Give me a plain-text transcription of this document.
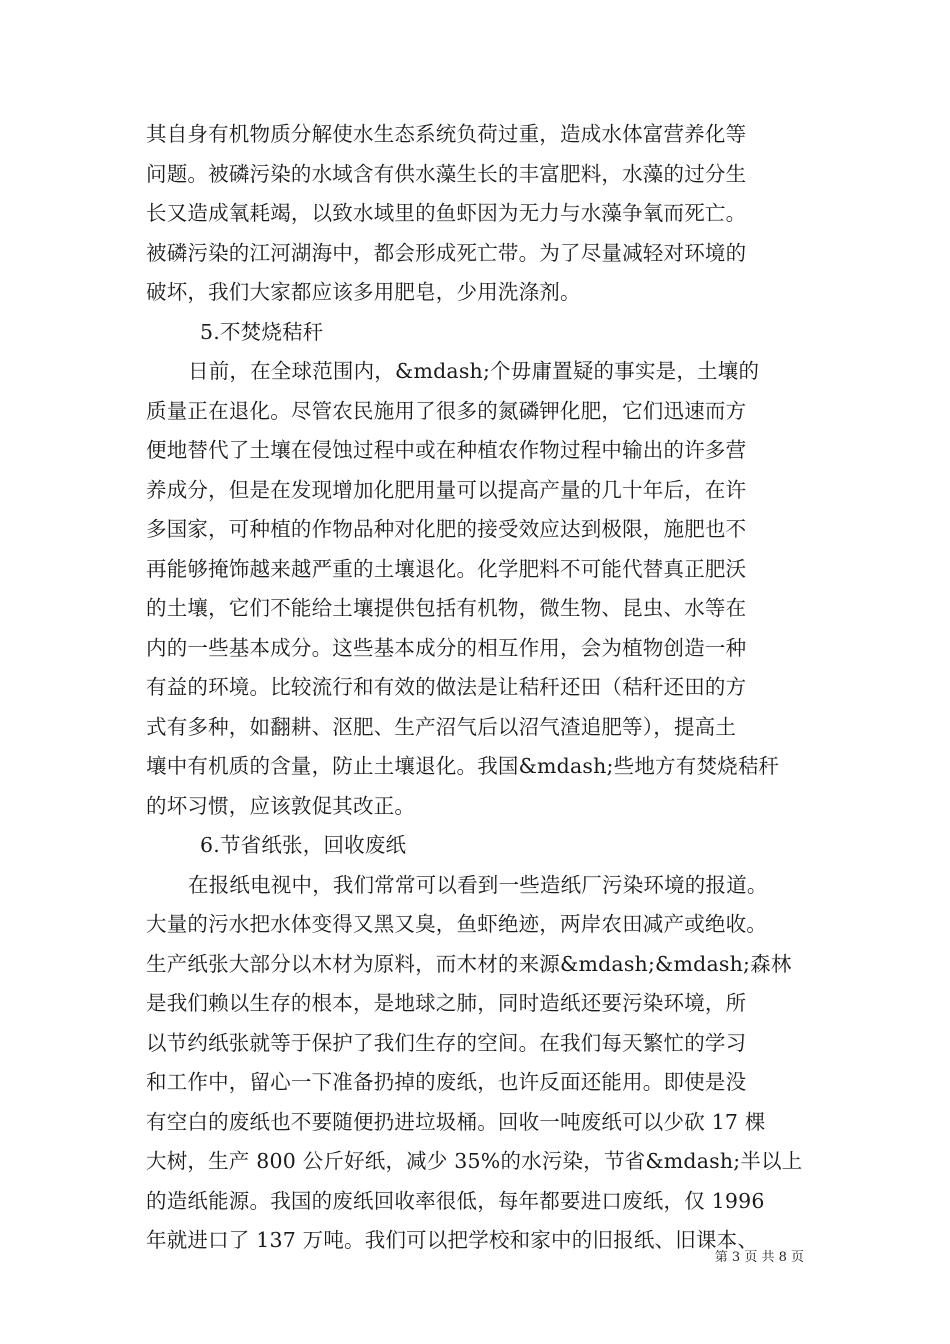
其自身有机物质分解使水生态系统负荷过重，造成水体富营养化等
问题。被磷污染的水域含有供水藻生长的丰富肥料，水藻的过分生
长又造成氧耗竭，以致水域里的鱼虾因为无力与水藻争氧而死亡。
被磷污染的江河湖海中，都会形成死亡带。为了尽量减轻对环境的
破坏，我们大家都应该多用肥皂，少用洗涤剂。
5.不焚烧秸秆
日前，在全球范围内，&mdash;个毋庸置疑的事实是，土壤的
质量正在退化。尽管农民施用了很多的氮磷钾化肥，它们迅速而方
便地替代了土壤在侵蚀过程中或在种植农作物过程中输出的许多营
养成分，但是在发现增加化肥用量可以提高产量的几十年后，在许
多国家，可种植的作物品种对化肥的接受效应达到极限，施肥也不
再能够掩饰越来越严重的土壤退化。化学肥料不可能代替真正肥沃
的土壤，它们不能给土壤提供包括有机物，微生物、昆虫、水等在
内的一些基本成分。这些基本成分的相互作用，会为植物创造一种
有益的环境。比较流行和有效的做法是让秸秆还田（秸秆还田的方
式有多种，如翻耕、沤肥、生产沼气后以沼气渣追肥等），提高土
壤中有机质的含量，防止土壤退化。我国&mdash;些地方有焚烧秸秆
的坏习惯，应该敦促其改正。
6.节省纸张，回收废纸
在报纸电视中，我们常常可以看到一些造纸厂污染环境的报道。
大量的污水把水体变得又黑又臭，鱼虾绝迹，两岸农田减产或绝收。
生产纸张大部分以木材为原料，而木材的来源&mdash;&mdash;森林
是我们赖以生存的根本，是地球之肺，同时造纸还要污染环境，所
以节约纸张就等于保护了我们生存的空间。在我们每天繁忙的学习
和工作中，留心一下准备扔掉的废纸，也许反面还能用。即使是没
有空白的废纸也不要随便扔进垃圾桶。回收一吨废纸可以少砍 17 棵
大树，生产 800 公斤好纸，减少 35%的水污染，节省&mdash;半以上
的造纸能源。我国的废纸回收率很低，每年都要进口废纸，仅 1996
年就进口了 137 万吨。我们可以把学校和家中的旧报纸、旧课本、
第 3 页 共 8 页
